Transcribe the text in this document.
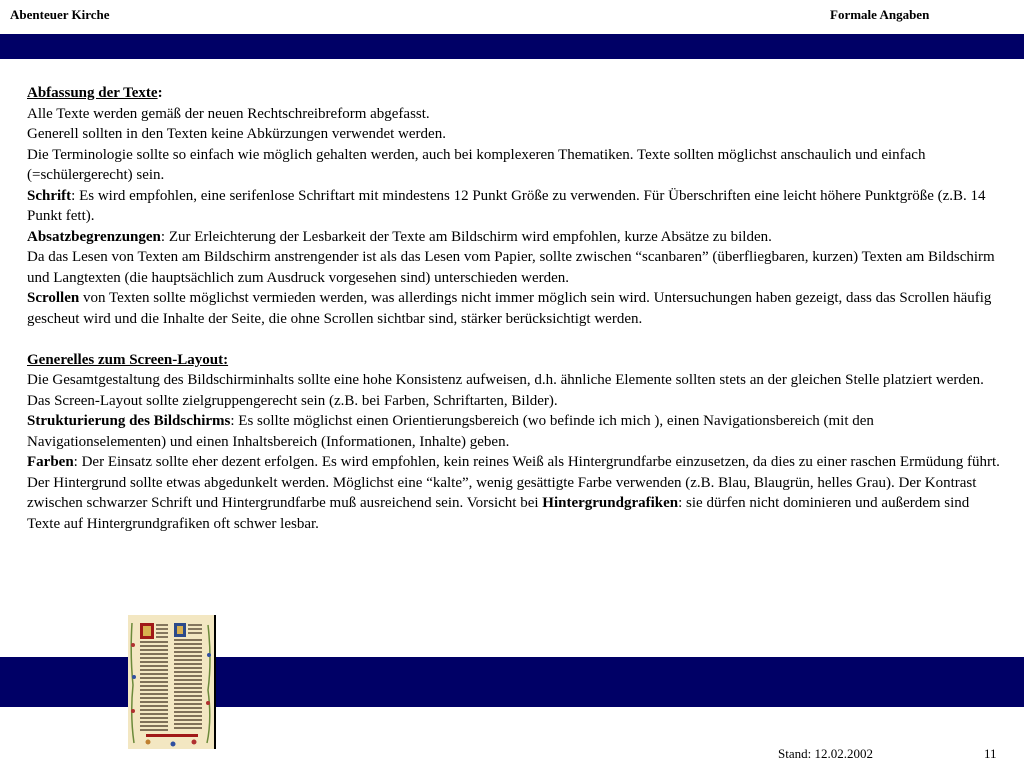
Abenteuer Kirche	Formale Angaben

Abfassung der Texte:

Alle Texte werden gemäß der neuen Rechtschreibreform abgefasst.

Generell sollten in den Texten keine Abkürzungen verwendet werden.

Die Terminologie sollte so einfach wie möglich gehalten werden, auch bei komplexeren Thematiken. Texte sollten möglichst anschaulich und einfach (=schülergerecht) sein.

Schrift: Es wird empfohlen, eine serifenlose Schriftart mit mindestens 12 Punkt Größe zu verwenden. Für Überschriften eine leicht höhere Punktgröße (z.B. 14 Punkt fett).

Absatzbegrenzungen: Zur Erleichterung der Lesbarkeit der Texte am Bildschirm wird empfohlen, kurze Absätze zu bilden.

Da das Lesen von Texten am Bildschirm anstrengender ist als das Lesen vom Papier, sollte zwischen “scanbaren” (überfliegbaren, kurzen) Texten am Bildschirm und Langtexten (die hauptsächlich zum Ausdruck vorgesehen sind) unterschieden werden.

Scrollen von Texten sollte möglichst vermieden werden, was allerdings nicht immer möglich sein wird. Untersuchungen haben gezeigt, dass das Scrollen häufig gescheut wird und die Inhalte der Seite, die ohne Scrollen sichtbar sind, stärker berücksichtigt werden.

Generelles zum Screen-Layout:

Die Gesamtgestaltung des Bildschirminhalts sollte eine hohe Konsistenz aufweisen, d.h. ähnliche Elemente sollten stets an der gleichen Stelle platziert werden.

Das Screen-Layout sollte zielgruppengerecht sein (z.B. bei Farben, Schriftarten, Bilder).

Strukturierung des Bildschirms: Es sollte möglichst einen Orientierungsbereich (wo befinde ich mich ), einen Navigationsbereich (mit den Navigationselementen) und einen Inhaltsbereich (Informationen, Inhalte) geben.

Farben: Der Einsatz sollte eher dezent erfolgen. Es wird empfohlen, kein reines Weiß als Hintergrundfarbe einzusetzen, da dies zu einer raschen Ermüdung führt. Der Hintergrund sollte etwas abgedunkelt werden. Möglichst eine “kalte”, wenig gesättigte Farbe verwenden (z.B. Blau, Blaugrün, helles Grau). Der Kontrast zwischen schwarzer Schrift und Hintergrundfarbe muß ausreichend sein. Vorsicht bei Hintergrundgrafiken: sie dürfen nicht dominieren und außerdem sind Texte auf Hintergrundgrafiken oft schwer lesbar.

Stand: 12.02.2002	11
